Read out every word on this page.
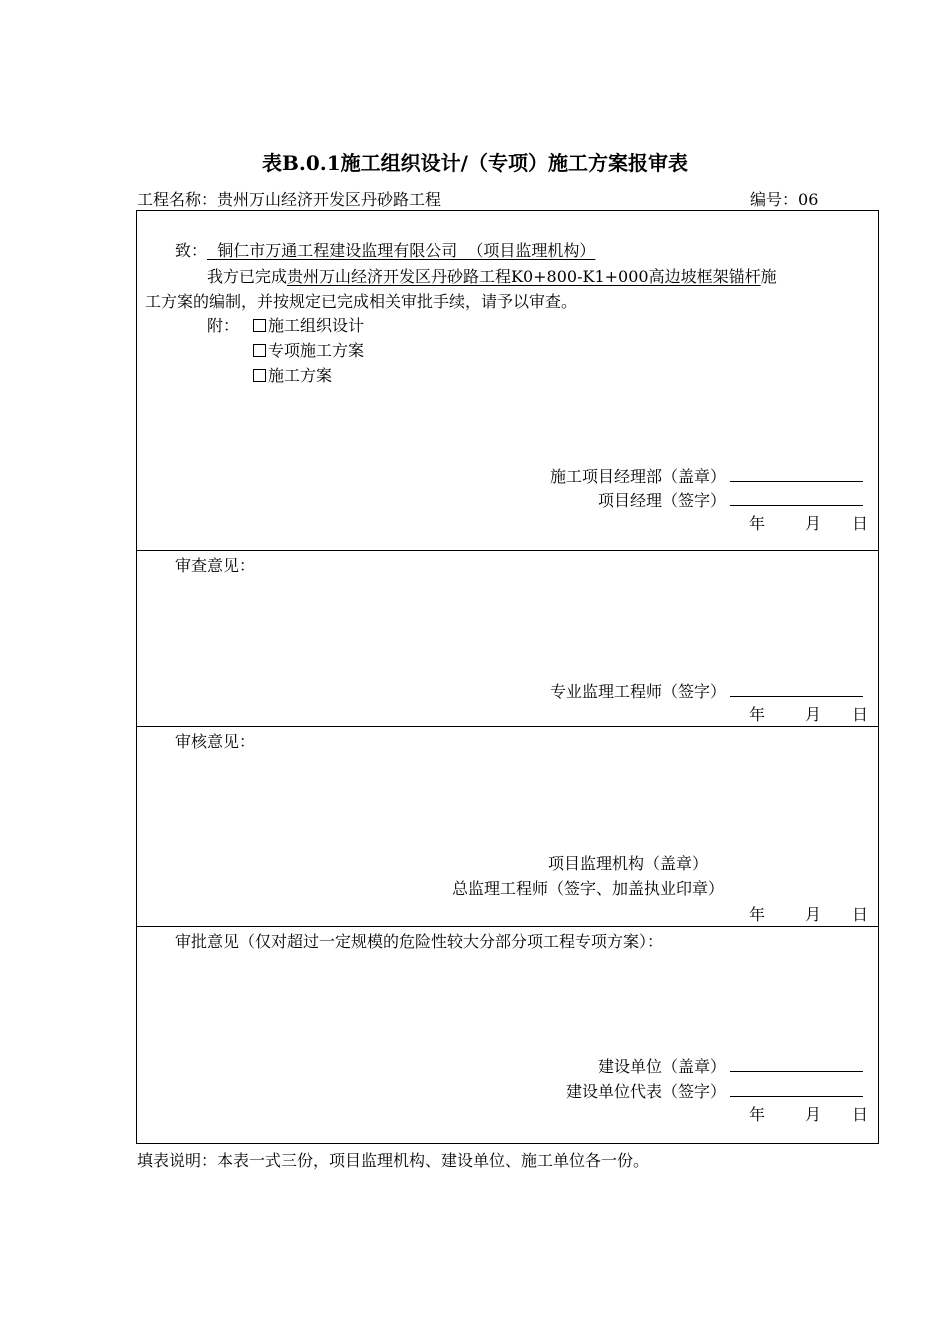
表B.0.1施工组织设计/（专项）施工方案报审表
工程名称：贵州万山经济开发区丹砂路工程	编号：06
致： 铜仁市万通工程建设监理有限公司 （项目监理机构）
我方已完成贵州万山经济开发区丹砂路工程K0+800-K1+000高边坡框架锚杆施
工方案的编制，并按规定已完成相关审批手续，请予以审查。
附：	施工组织设计
专项施工方案
施工方案
施工项目经理部（盖章）
项目经理（签字）
年	月 日
审查意见：
专业监理工程师（签字）
年	月 日
审核意见：
项目监理机构（盖章）
总监理工程师（签字、加盖执业印章）
年	月 日
审批意见（仅对超过一定规模的危险性较大分部分项工程专项方案）：
建设单位（盖章）
建设单位代表（签字）
年	月 日
填表说明：本表一式三份，项目监理机构、建设单位、施工单位各一份。
